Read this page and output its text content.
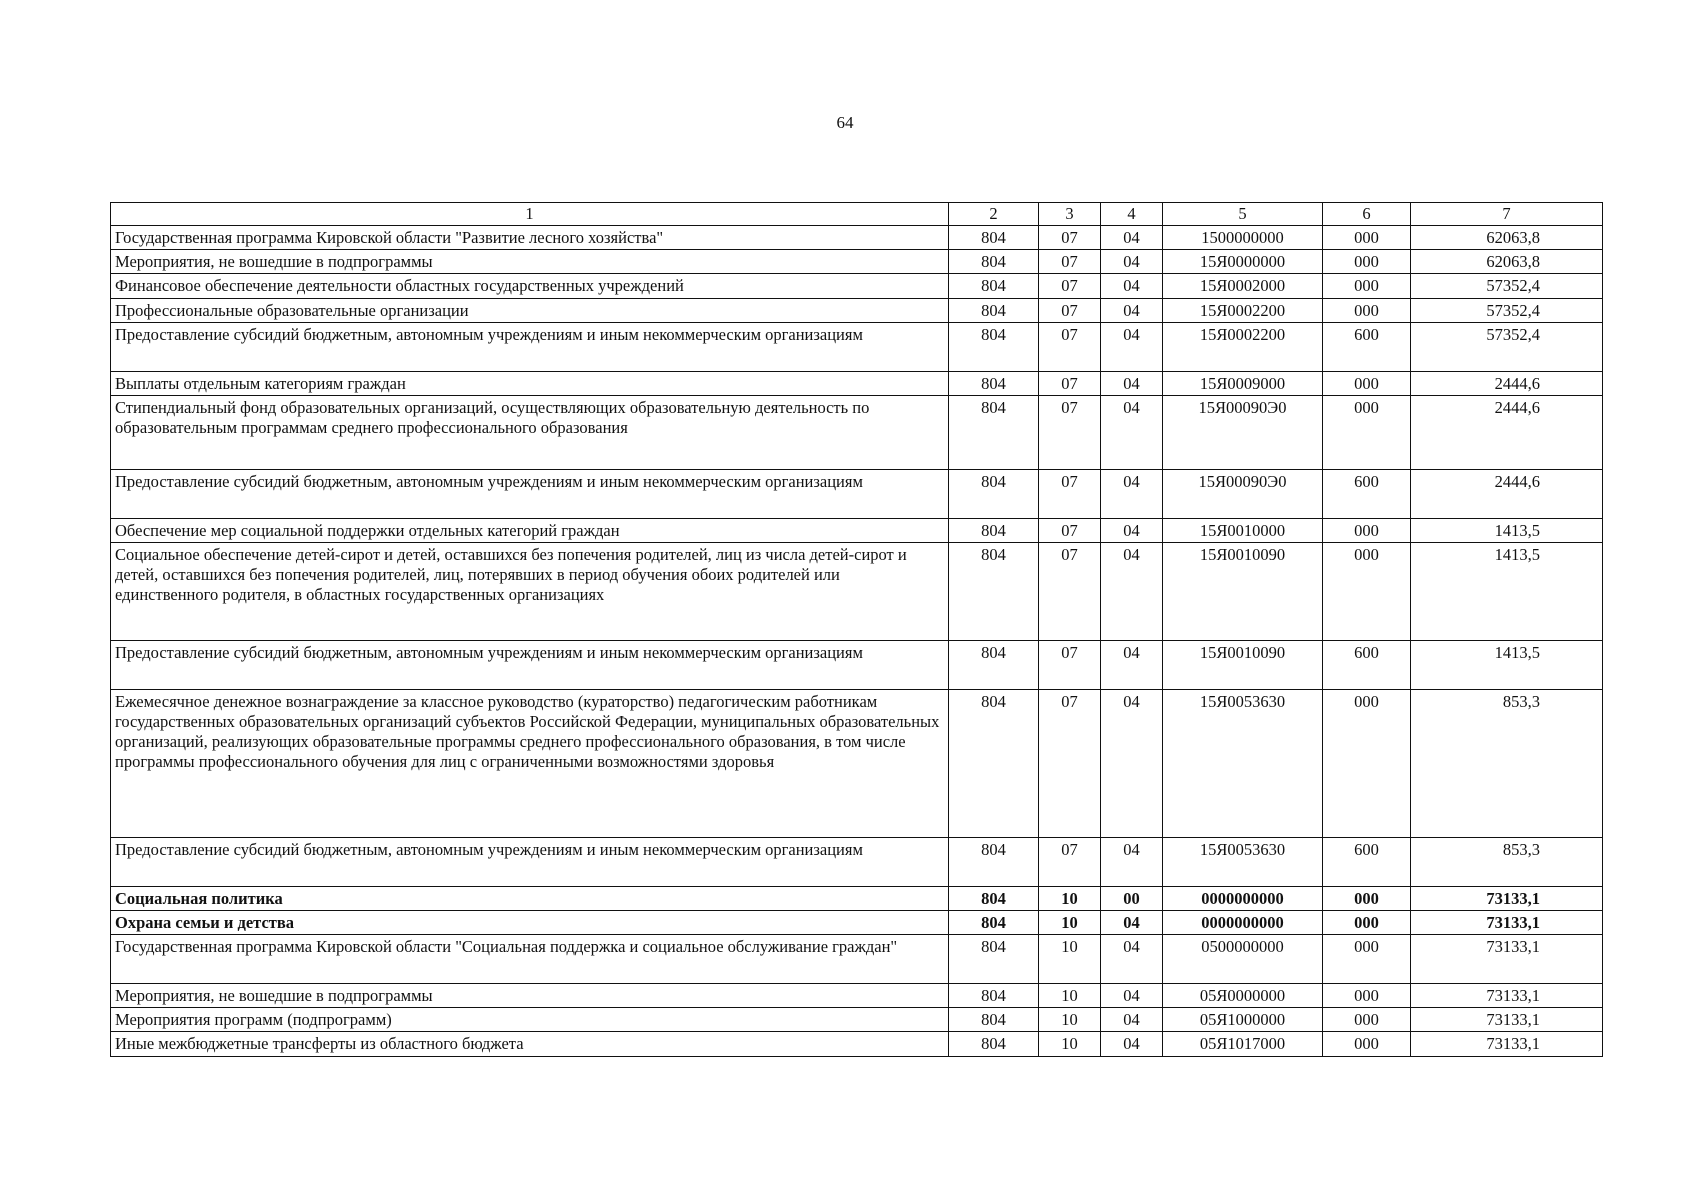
64
1	2	3	4	5	6	7
Государственная программа Кировской области "Развитие лесного хозяйства"	804	07	04	1500000000	000	62063,8
Мероприятия, не вошедшие в подпрограммы	804	07	04	15Я0000000	000	62063,8
Финансовое обеспечение деятельности областных государственных учреждений	804	07	04	15Я0002000	000	57352,4
Профессиональные образовательные организации	804	07	04	15Я0002200	000	57352,4
Предоставление субсидий бюджетным, автономным учреждениям и иным некоммерческим организациям	804	07	04	15Я0002200	600	57352,4
Выплаты отдельным категориям граждан	804	07	04	15Я0009000	000	2444,6
Стипендиальный фонд образовательных организаций, осуществляющих образовательную деятельность по образовательным программам среднего профессионального образования	804	07	04	15Я00090Э0	000	2444,6
Предоставление субсидий бюджетным, автономным учреждениям и иным некоммерческим организациям	804	07	04	15Я00090Э0	600	2444,6
Обеспечение мер социальной поддержки отдельных категорий граждан	804	07	04	15Я0010000	000	1413,5
Социальное обеспечение детей-сирот и детей, оставшихся без попечения родителей, лиц из числа детей-сирот и детей, оставшихся без попечения родителей, лиц, потерявших в период обучения обоих родителей или единственного родителя, в областных государственных организациях	804	07	04	15Я0010090	000	1413,5
Предоставление субсидий бюджетным, автономным учреждениям и иным некоммерческим организациям	804	07	04	15Я0010090	600	1413,5
Ежемесячное денежное вознаграждение за классное руководство (кураторство) педагогическим работникам государственных образовательных организаций субъектов Российской Федерации, муниципальных образовательных организаций, реализующих образовательные программы среднего профессионального образования, в том числе программы профессионального обучения для лиц с ограниченными возможностями здоровья	804	07	04	15Я0053630	000	853,3
Предоставление субсидий бюджетным, автономным учреждениям и иным некоммерческим организациям	804	07	04	15Я0053630	600	853,3
Социальная политика	804	10	00	0000000000	000	73133,1
Охрана семьи и детства	804	10	04	0000000000	000	73133,1
Государственная программа Кировской области "Социальная поддержка и социальное обслуживание граждан"	804	10	04	0500000000	000	73133,1
Мероприятия, не вошедшие в подпрограммы	804	10	04	05Я0000000	000	73133,1
Мероприятия программ (подпрограмм)	804	10	04	05Я1000000	000	73133,1
Иные межбюджетные трансферты из областного бюджета	804	10	04	05Я1017000	000	73133,1
